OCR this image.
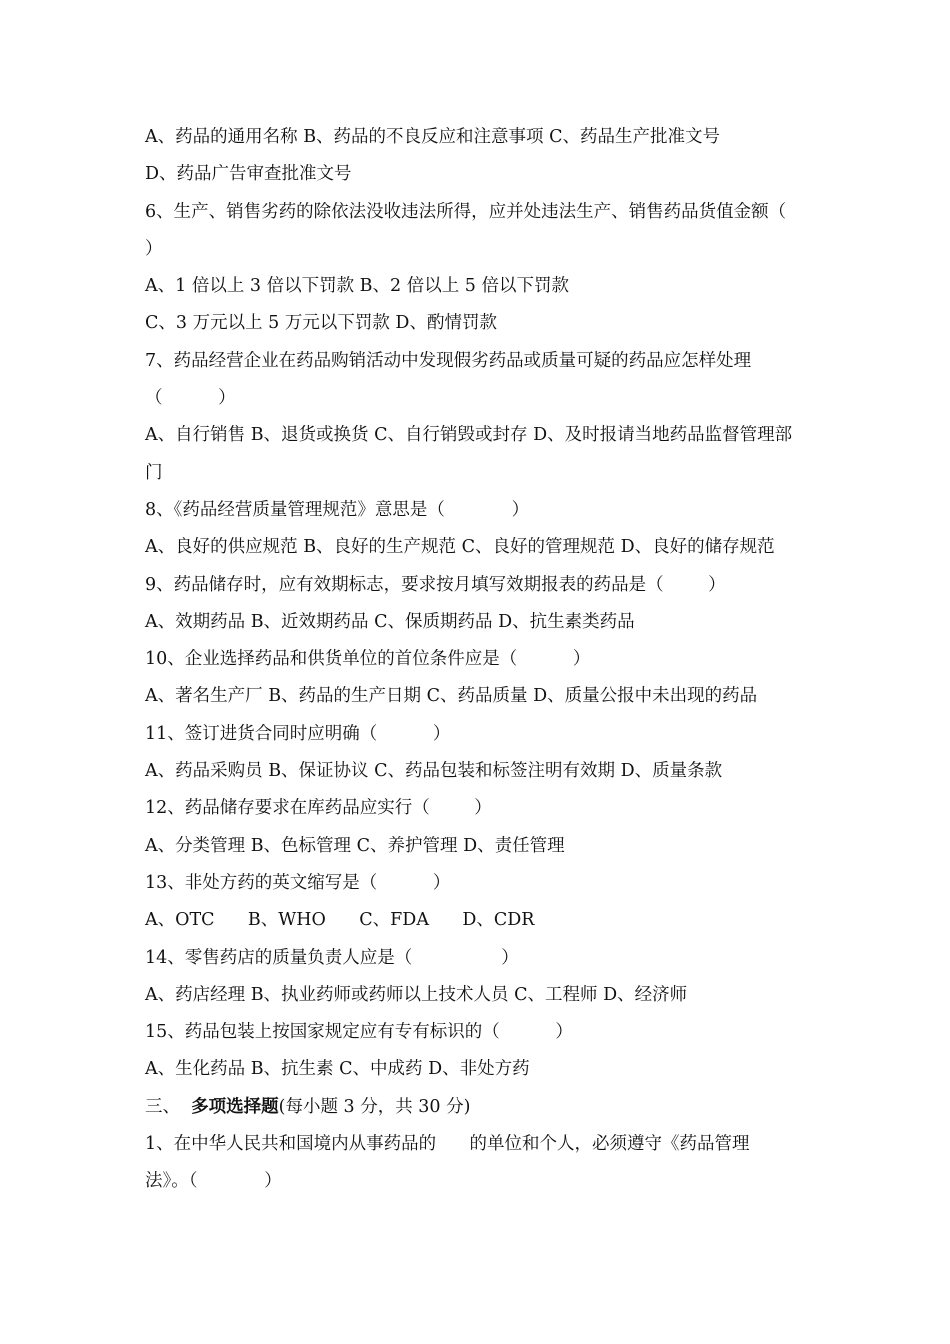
A、药品的通用名称 B、药品的不良反应和注意事项 C、药品生产批准文号
D、药品广告审查批准文号
6、生产、销售劣药的除依法没收违法所得，应并处违法生产、销售药品货值金额（
）
A、1 倍以上 3 倍以下罚款 B、2 倍以上 5 倍以下罚款
C、3 万元以上 5 万元以下罚款 D、酌情罚款
7、药品经营企业在药品购销活动中发现假劣药品或质量可疑的药品应怎样处理
（          ）
A、自行销售 B、退货或换货 C、自行销毁或封存 D、及时报请当地药品监督管理部
门
8、《药品经营质量管理规范》意思是（            ）
A、良好的供应规范 B、良好的生产规范 C、良好的管理规范 D、良好的储存规范
9、药品储存时，应有效期标志，要求按月填写效期报表的药品是（        ）
A、效期药品 B、近效期药品 C、保质期药品 D、抗生素类药品
10、企业选择药品和供货单位的首位条件应是（          ）
A、著名生产厂 B、药品的生产日期 C、药品质量 D、质量公报中未出现的药品
11、签订进货合同时应明确（          ）
A、药品采购员 B、保证协议 C、药品包装和标签注明有效期 D、质量条款
12、药品储存要求在库药品应实行（        ）
A、分类管理 B、色标管理 C、养护管理 D、责任管理
13、非处方药的英文缩写是（          ）
A、OTC      B、WHO      C、FDA      D、CDR
14、零售药店的质量负责人应是（                ）
A、药店经理 B、执业药师或药师以上技术人员 C、工程师 D、经济师
15、药品包装上按国家规定应有专有标识的（          ）
A、生化药品 B、抗生素 C、中成药 D、非处方药
三、 多项选择题(每小题 3 分，共 30 分)
1、在中华人民共和国境内从事药品的      的单位和个人，必须遵守《药品管理
法》。（            ）
